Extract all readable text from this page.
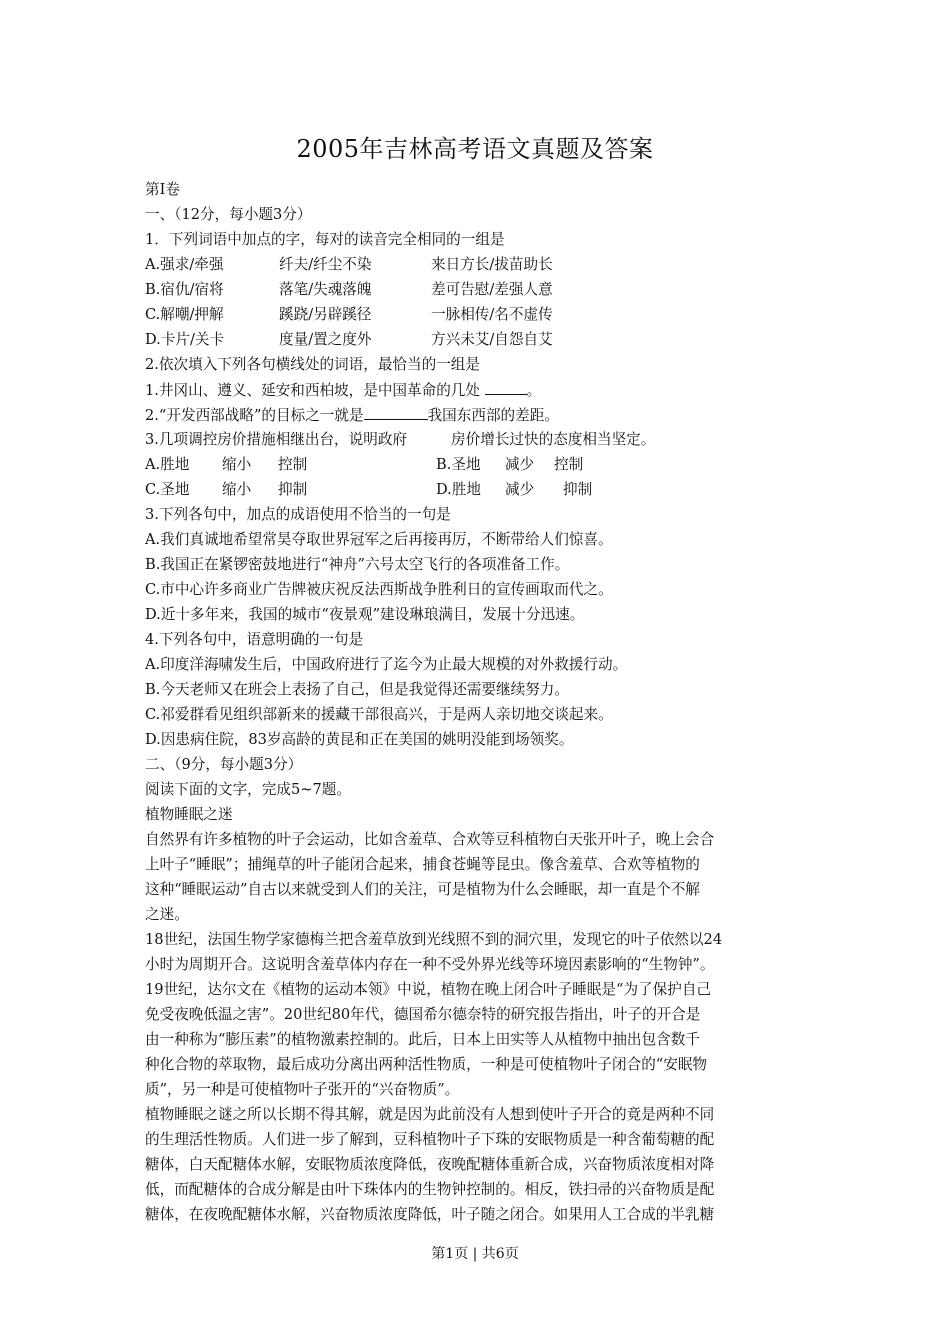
2005年吉林高考语文真题及答案
第Ⅰ卷
一、（12分，每小题3分）
1．下列词语中加点的字，每对的读音完全相同的一组是
A.强求/牵强	纤夫/纤尘不染	来日方长/拔苗助长
B.宿仇/宿将	落笔/失魂落魄	差可告慰/差强人意
C.解嘲/押解	蹊跷/另辟蹊径	一脉相传/名不虚传
D.卡片/关卡	度量/置之度外	方兴未艾/自怨自艾
2.依次填入下列各句横线处的词语，最恰当的一组是
1.井冈山、遵义、延安和西柏坡，是中国革命的几处	。
2.“开发西部战略”的目标之一就是	我国东西部的差距。
3.几项调控房价措施相继出台，说明政府	房价增长过快的态度相当坚定。
A.胜地 缩小 控制	B.圣地 减少 控制
C.圣地 缩小 抑制	D.胜地 减少 抑制
3.下列各句中，加点的成语使用不恰当的一句是
A.我们真诚地希望常昊夺取世界冠军之后再接再厉，不断带给人们惊喜。
B.我国正在紧锣密鼓地进行“神舟”六号太空飞行的各项准备工作。
C.市中心许多商业广告牌被庆祝反法西斯战争胜利日的宣传画取而代之。
D.近十多年来，我国的城市“夜景观”建设琳琅满目，发展十分迅速。
4.下列各句中，语意明确的一句是
A.印度洋海啸发生后，中国政府进行了迄今为止最大规模的对外救援行动。
B.今天老师又在班会上表扬了自己，但是我觉得还需要继续努力。
C.祁爱群看见组织部新来的援藏干部很高兴，于是两人亲切地交谈起来。
D.因患病住院，83岁高龄的黄昆和正在美国的姚明没能到场领奖。
二、（9分，每小题3分）
阅读下面的文字，完成5~7题。
植物睡眠之迷
自然界有许多植物的叶子会运动，比如含羞草、合欢等豆科植物白天张开叶子，晚上会合
上叶子“睡眠”；捕绳草的叶子能闭合起来，捕食苍蝇等昆虫。像含羞草、合欢等植物的
这种“睡眠运动”自古以来就受到人们的关注，可是植物为什么会睡眠，却一直是个不解
之迷。
18世纪，法国生物学家德梅兰把含羞草放到光线照不到的洞穴里，发现它的叶子依然以24
小时为周期开合。这说明含羞草体内存在一种不受外界光线等环境因素影响的“生物钟”。
19世纪，达尔文在《植物的运动本领》中说，植物在晚上闭合叶子睡眠是“为了保护自己
免受夜晚低温之害”。20世纪80年代，德国希尔德奈特的研究报告指出，叶子的开合是
由一种称为“膨压素”的植物激素控制的。此后，日本上田实等人从植物中抽出包含数千
种化合物的萃取物，最后成功分离出两种活性物质，一种是可使植物叶子闭合的“安眠物
质”，另一种是可使植物叶子张开的“兴奋物质”。
植物睡眠之谜之所以长期不得其解，就是因为此前没有人想到使叶子开合的竟是两种不同
的生理活性物质。人们进一步了解到，豆科植物叶子下珠的安眠物质是一种含葡萄糖的配
糖体，白天配糖体水解，安眠物质浓度降低，夜晚配糖体重新合成，兴奋物质浓度相对降
低，而配糖体的合成分解是由叶下珠体内的生物钟控制的。相反，铁扫帚的兴奋物质是配
糖体，在夜晚配糖体水解，兴奋物质浓度降低，叶子随之闭合。如果用人工合成的半乳糖
第1页 | 共6页
